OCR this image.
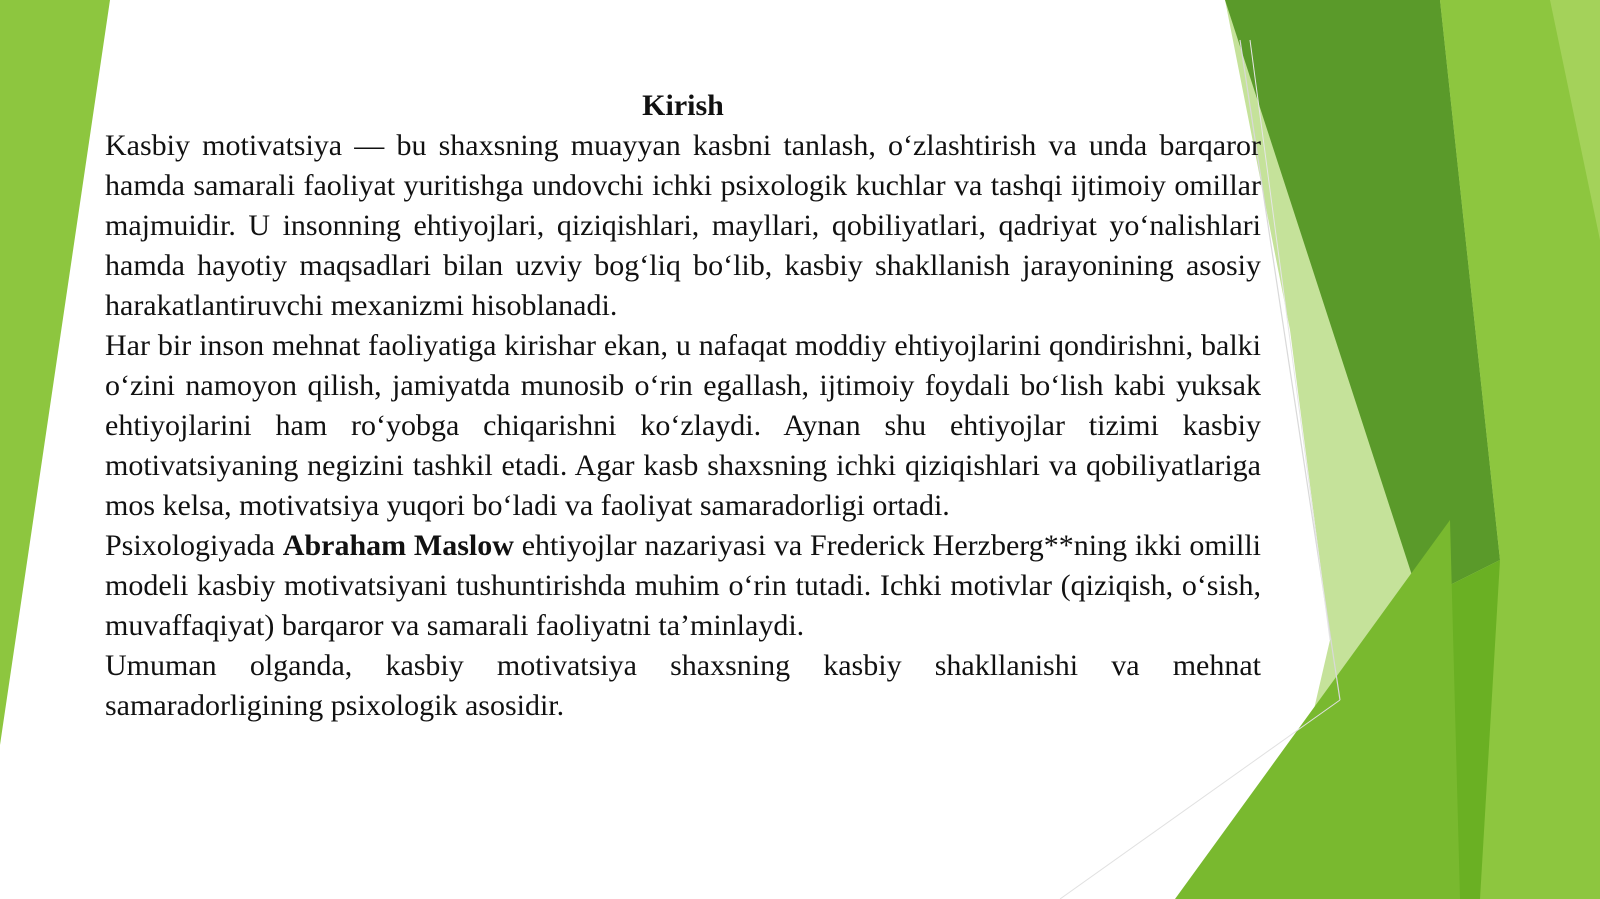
Kirish

Kasbiy motivatsiya — bu shaxsning muayyan kasbni tanlash, o‘zlashtirish va unda barqaror hamda samarali faoliyat yuritishga undovchi ichki psixologik kuchlar va tashqi ijtimoiy omillar majmuidir. U insonning ehtiyojlari, qiziqishlari, mayllari, qobiliyatlari, qadriyat yo‘nalishlari hamda hayotiy maqsadlari bilan uzviy bog‘liq bo‘lib, kasbiy shakllanish jarayonining asosiy harakatlantiruvchi mexanizmi hisoblanadi.

Har bir inson mehnat faoliyatiga kirishar ekan, u nafaqat moddiy ehtiyojlarini qondirishni, balki o‘zini namoyon qilish, jamiyatda munosib o‘rin egallash, ijtimoiy foydali bo‘lish kabi yuksak ehtiyojlarini ham ro‘yobga chiqarishni ko‘zlaydi. Aynan shu ehtiyojlar tizimi kasbiy motivatsiyaning negizini tashkil etadi. Agar kasb shaxsning ichki qiziqishlari va qobiliyatlariga mos kelsa, motivatsiya yuqori bo‘ladi va faoliyat samaradorligi ortadi.

Psixologiyada Abraham Maslow ehtiyojlar nazariyasi va Frederick Herzberg**ning ikki omilli modeli kasbiy motivatsiyani tushuntirishda muhim o‘rin tutadi. Ichki motivlar (qiziqish, o‘sish, muvaffaqiyat) barqaror va samarali faoliyatni ta’minlaydi.

Umuman olganda, kasbiy motivatsiya shaxsning kasbiy shakllanishi va mehnat samaradorligining psixologik asosidir.
